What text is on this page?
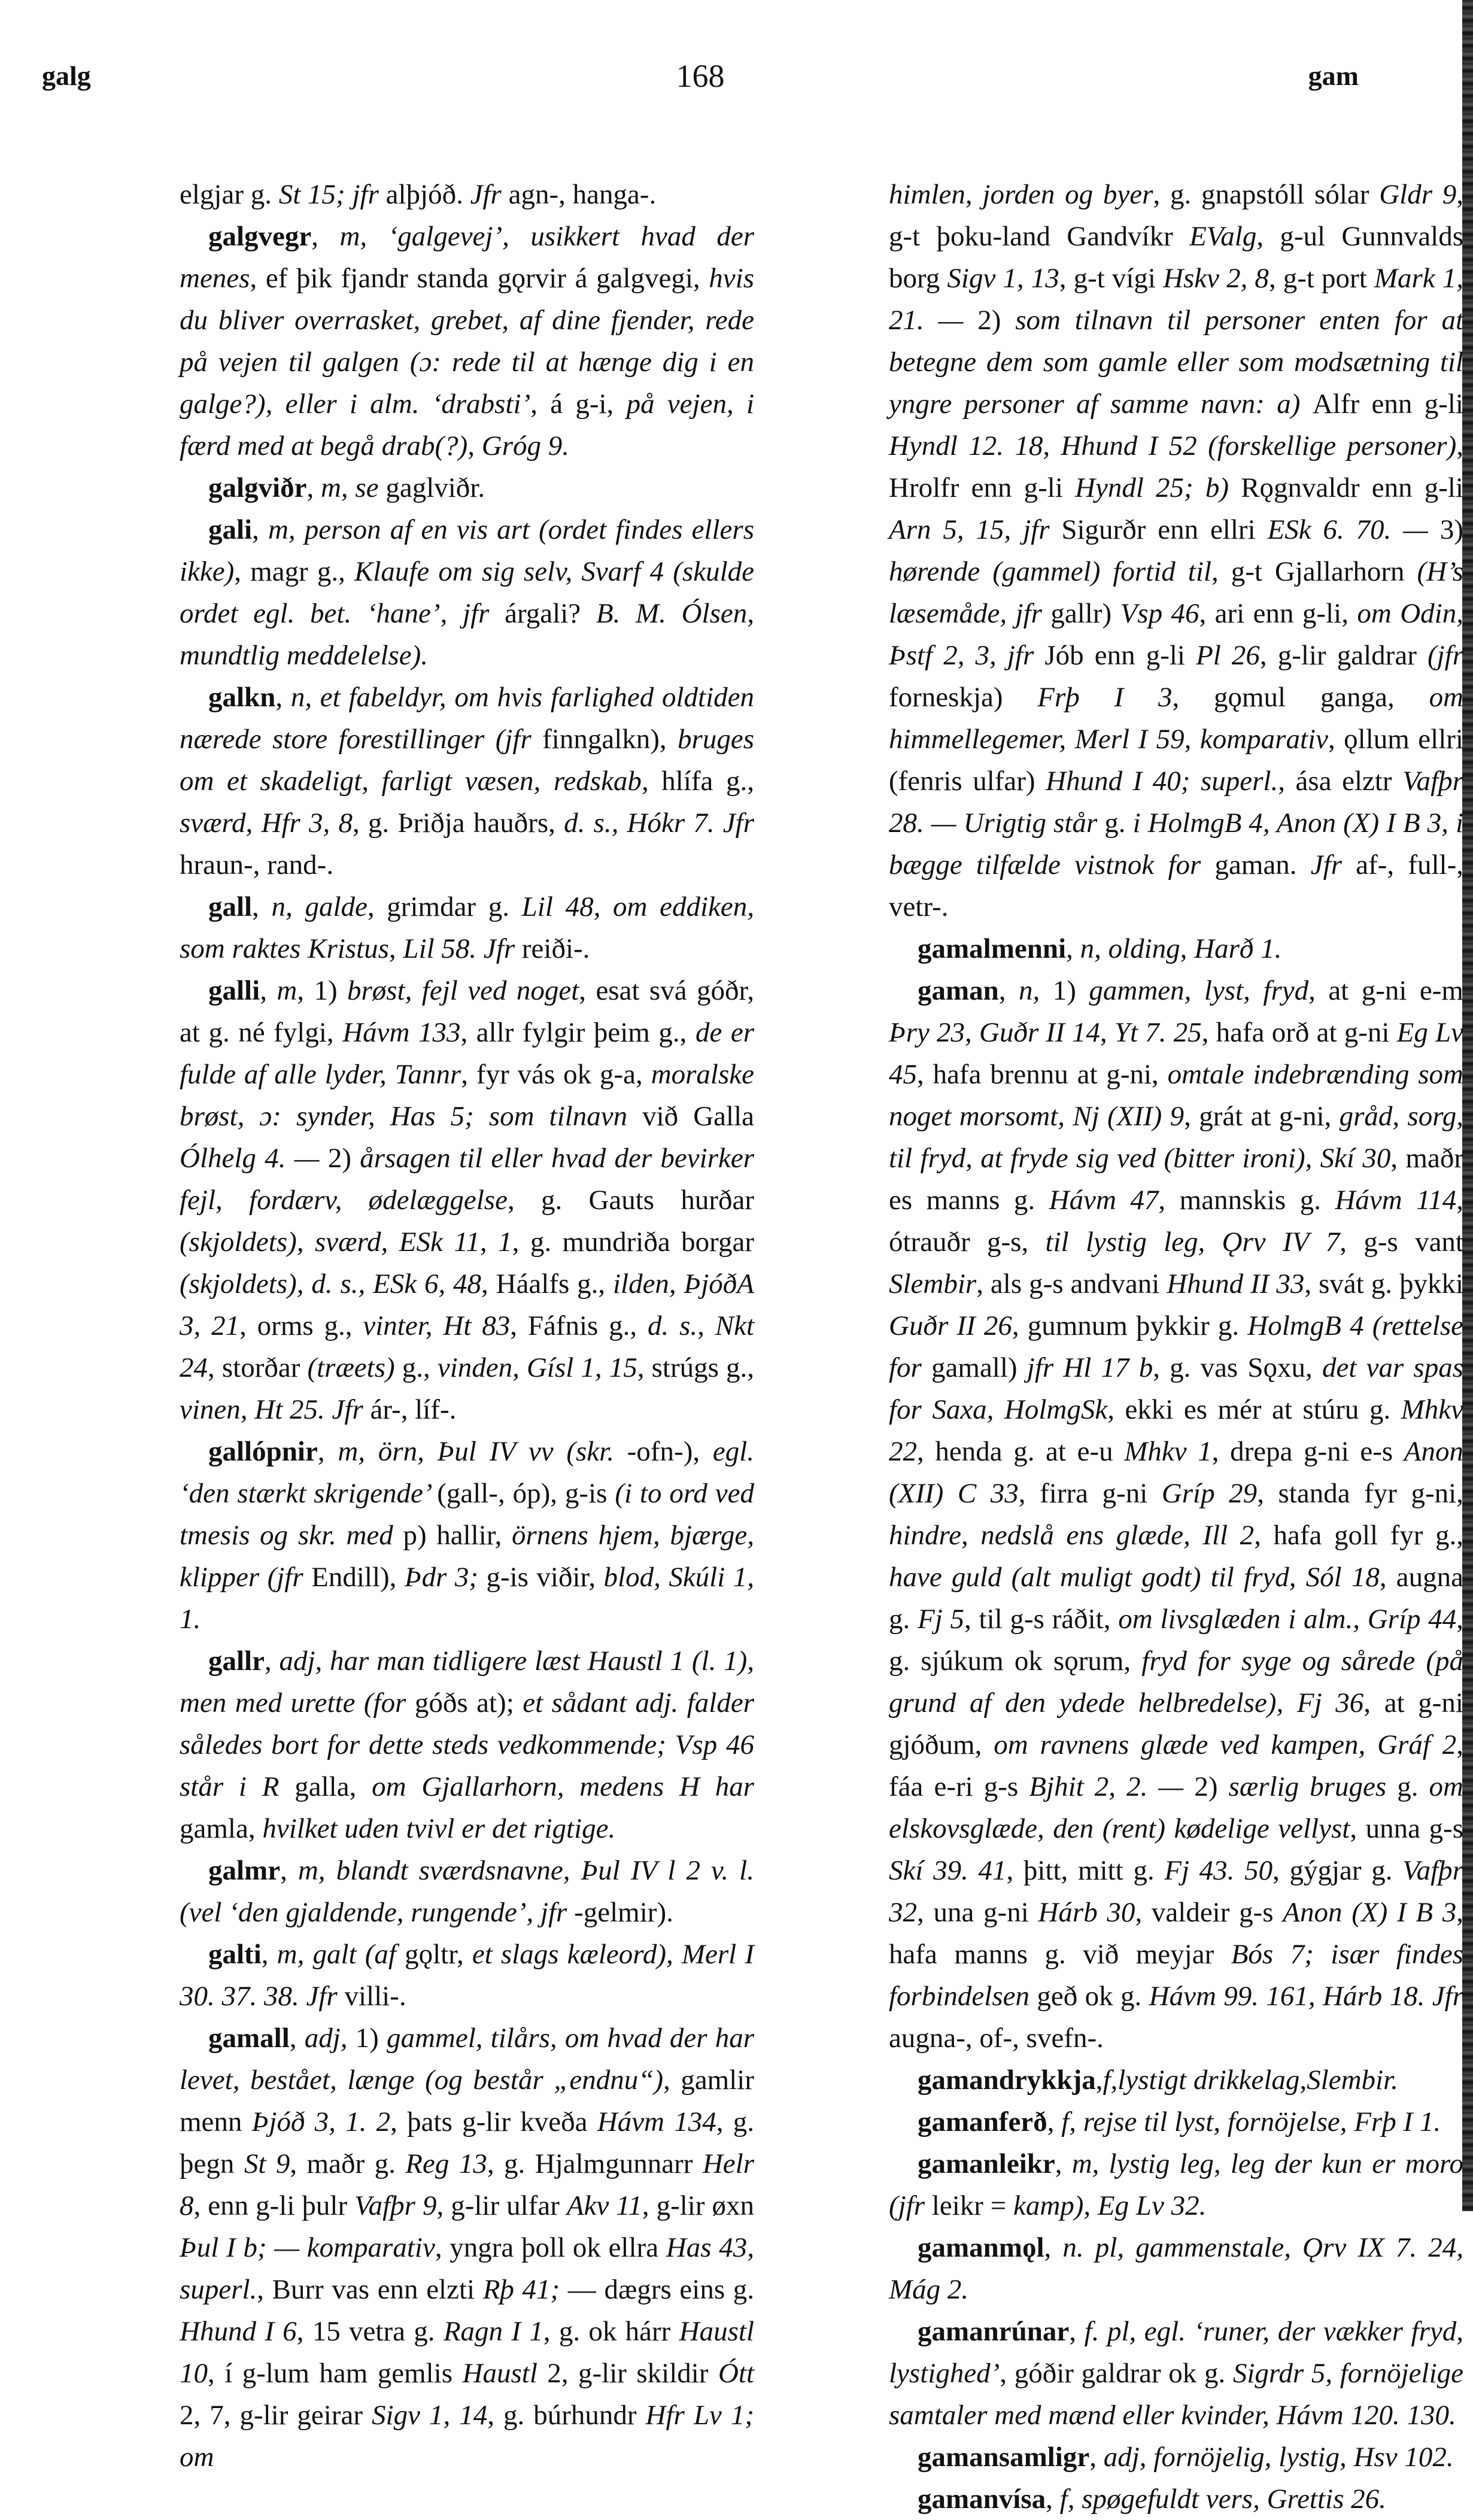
galg	168	gam

elgjar g. St 15; jfr alþjóð. Jfr agn-, hanga-.

galgvegr, m, ‘galgevej’, usikkert hvad der menes, ef þik fjandr standa gǫrvir á galgvegi, hvis du bliver overrasket, grebet, af dine fjender, rede på vejen til galgen (ɔ: rede til at hænge dig i en galge?), eller i alm. ‘drabsti’, á g-i, på vejen, i færd med at begå drab(?), Gróg 9.

galgviðr, m, se gaglviðr.

gali, m, person af en vis art (ordet findes ellers ikke), magr g., Klaufe om sig selv, Svarf 4 (skulde ordet egl. bet. ‘hane’, jfr árgali? B. M. Ólsen, mundtlig meddelelse).

galkn, n, et fabeldyr, om hvis farlighed oldtiden nærede store forestillinger (jfr finngalkn), bruges om et skadeligt, farligt væsen, redskab, hlífa g., sværd, Hfr 3, 8, g. Þriðja hauðrs, d. s., Hókr 7. Jfr hraun-, rand-.

gall, n, galde, grimdar g. Lil 48, om eddiken, som raktes Kristus, Lil 58. Jfr reiði-.

galli, m, 1) brøst, fejl ved noget, esat svá góðr, at g. né fylgi, Hávm 133, allr fylgir þeim g., de er fulde af alle lyder, Tannr, fyr vás ok g-a, moralske brøst, ɔ: synder, Has 5; som tilnavn við Galla Ólhelg 4. — 2) årsagen til eller hvad der bevirker fejl, fordærv, ødelæggelse, g. Gauts hurðar (skjoldets), sværd, ESk 11, 1, g. mundriða borgar (skjoldets), d. s., ESk 6, 48, Háalfs g., ilden, ÞjóðA 3, 21, orms g., vinter, Ht 83, Fáfnis g., d. s., Nkt 24, storðar (træets) g., vinden, Gísl 1, 15, strúgs g., vinen, Ht 25. Jfr ár-, líf-.

gallópnir, m, örn, Þul IV vv (skr. -ofn-), egl. ‘den stærkt skrigende’ (gall-, óp), g-is (i to ord ved tmesis og skr. med p) hallir, örnens hjem, bjærge, klipper (jfr Endill), Þdr 3; g-is viðir, blod, Skúli 1, 1.

gallr, adj, har man tidligere læst Haustl 1 (l. 1), men med urette (for góðs at); et sådant adj. falder således bort for dette steds vedkommende; Vsp 46 står i R galla, om Gjallarhorn, medens H har gamla, hvilket uden tvivl er det rigtige.

galmr, m, blandt sværdsnavne, Þul IV l 2 v. l. (vel ‘den gjaldende, rungende’, jfr -gelmir).

galti, m, galt (af gǫltr, et slags kæleord), Merl I 30. 37. 38. Jfr villi-.

gamall, adj, 1) gammel, tilårs, om hvad der har levet, bestået, længe (og består „endnu“), gamlir menn Þjóð 3, 1. 2, þats g-lir kveða Hávm 134, g. þegn St 9, maðr g. Reg 13, g. Hjalmgunnarr Helr 8, enn g-li þulr Vafþr 9, g-lir ulfar Akv 11, g-lir øxn Þul I b; — komparativ, yngra þoll ok ellra Has 43, superl., Burr vas enn elzti Rþ 41; — dægrs eins g. Hhund I 6, 15 vetra g. Ragn I 1, g. ok hárr Haustl 10, í g-lum ham gemlis Haustl 2, g-lir skildir Ótt 2, 7, g-lir geirar Sigv 1, 14, g. búrhundr Hfr Lv 1; om

himlen, jorden og byer, g. gnapstóll sólar Gldr 9, g-t þoku-land Gandvíkr EValg, g-ul Gunnvalds borg Sigv 1, 13, g-t vígi Hskv 2, 8, g-t port Mark 1, 21. — 2) som tilnavn til personer enten for at betegne dem som gamle eller som modsætning til yngre personer af samme navn: a) Alfr enn g-li Hyndl 12. 18, Hhund I 52 (forskellige personer), Hrolfr enn g-li Hyndl 25; b) Rǫgnvaldr enn g-li Arn 5, 15, jfr Sigurðr enn ellri ESk 6. 70. — 3) hørende (gammel) fortid til, g-t Gjallarhorn (H’s læsemåde, jfr gallr) Vsp 46, ari enn g-li, om Odin, Þstf 2, 3, jfr Jób enn g-li Pl 26, g-lir galdrar (jfr forneskja) Frþ I 3, gǫmul ganga, om himmellegemer, Merl I 59, komparativ, ǫllum ellri (fenris ulfar) Hhund I 40; superl., ása elztr Vafþr 28. — Urigtig står g. i HolmgB 4, Anon (X) I B 3, i bægge tilfælde vistnok for gaman. Jfr af-, full-, vetr-.

gamalmenni, n, olding, Harð 1.

gaman, n, 1) gammen, lyst, fryd, at g-ni e-m Þry 23, Guðr II 14, Yt 7. 25, hafa orð at g-ni Eg Lv 45, hafa brennu at g-ni, omtale indebrænding som noget morsomt, Nj (XII) 9, grát at g-ni, gråd, sorg, til fryd, at fryde sig ved (bitter ironi), Skí 30, maðr es manns g. Hávm 47, mannskis g. Hávm 114, ótrauðr g-s, til lystig leg, Ǫrv IV 7, g-s vant Slembir, als g-s andvani Hhund II 33, svát g. þykki Guðr II 26, gumnum þykkir g. HolmgB 4 (rettelse for gamall) jfr Hl 17 b, g. vas Sǫxu, det var spas for Saxa, HolmgSk, ekki es mér at stúru g. Mhkv 22, henda g. at e-u Mhkv 1, drepa g-ni e-s Anon (XII) C 33, firra g-ni Gríp 29, standa fyr g-ni, hindre, nedslå ens glæde, Ill 2, hafa goll fyr g., have guld (alt muligt godt) til fryd, Sól 18, augna g. Fj 5, til g-s ráðit, om livsglæden i alm., Gríp 44, g. sjúkum ok sǫrum, fryd for syge og sårede (på grund af den ydede helbredelse), Fj 36, at g-ni gjóðum, om ravnens glæde ved kampen, Gráf 2, fáa e-ri g-s Bjhit 2, 2. — 2) særlig bruges g. om elskovsglæde, den (rent) kødelige vellyst, unna g-s Skí 39. 41, þitt, mitt g. Fj 43. 50, gýgjar g. Vafþr 32, una g-ni Hárb 30, valdeir g-s Anon (X) I B 3, hafa manns g. við meyjar Bós 7; især findes forbindelsen geð ok g. Hávm 99. 161, Hárb 18. Jfr augna-, of-, svefn-.

gamandrykkja,f,lystigt drikkelag,Slembir.

gamanferð, f, rejse til lyst, fornöjelse, Frþ I 1.

gamanleikr, m, lystig leg, leg der kun er moro (jfr leikr = kamp), Eg Lv 32.

gamanmǫl, n. pl, gammenstale, Ǫrv IX 7. 24, Mág 2.

gamanrúnar, f. pl, egl. ‘runer, der vækker fryd, lystighed’, góðir galdrar ok g. Sigrdr 5, fornöjelige samtaler med mænd eller kvinder, Hávm 120. 130.

gamansamligr, adj, fornöjelig, lystig, Hsv 102.

gamanvísa, f, spøgefuldt vers, Grettis 26.
